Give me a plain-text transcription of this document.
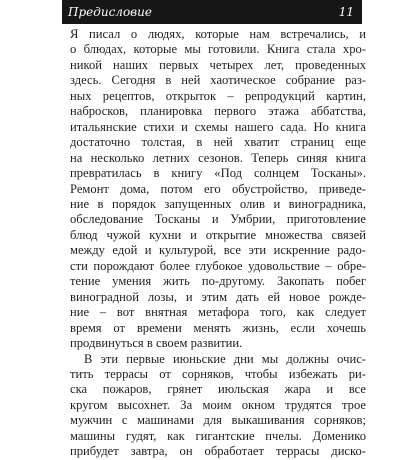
Предисловие	11
Я писал о людях, которые нам встречались, и
о блюдах, которые мы готовили. Книга стала хро-
никой наших первых четырех лет, проведенных
здесь. Сегодня в ней хаотическое собрание раз-
ных рецептов, открыток – репродукций картин,
набросков, планировка первого этажа аббатства,
итальянские стихи и схемы нашего сада. Но книга
достаточно толстая, в ней хватит страниц еще
на несколько летних сезонов. Теперь синяя книга
превратилась в книгу «Под солнцем Тосканы».
Ремонт дома, потом его обустройство, приведе-
ние в порядок запущенных олив и виноградника,
обследование Тосканы и Умбрии, приготовление
блюд чужой кухни и открытие множества связей
между едой и культурой, все эти искренние радо-
сти порождают более глубокое удовольствие – обре-
тение умения жить по-другому. Закопать побег
виноградной лозы, и этим дать ей новое рожде-
ние – вот внятная метафора того, как следует
время от времени менять жизнь, если хочешь
продвинуться в своем развитии.
В эти первые июньские дни мы должны очис-
тить террасы от сорняков, чтобы избежать ри-
ска пожаров, грянет июльская жара и все
кругом высохнет. За моим окном трудятся трое
мужчин с машинами для выкашивания сорняков;
машины гудят, как гигантские пчелы. Доменико
прибудет завтра, он обработает террасы диско-
